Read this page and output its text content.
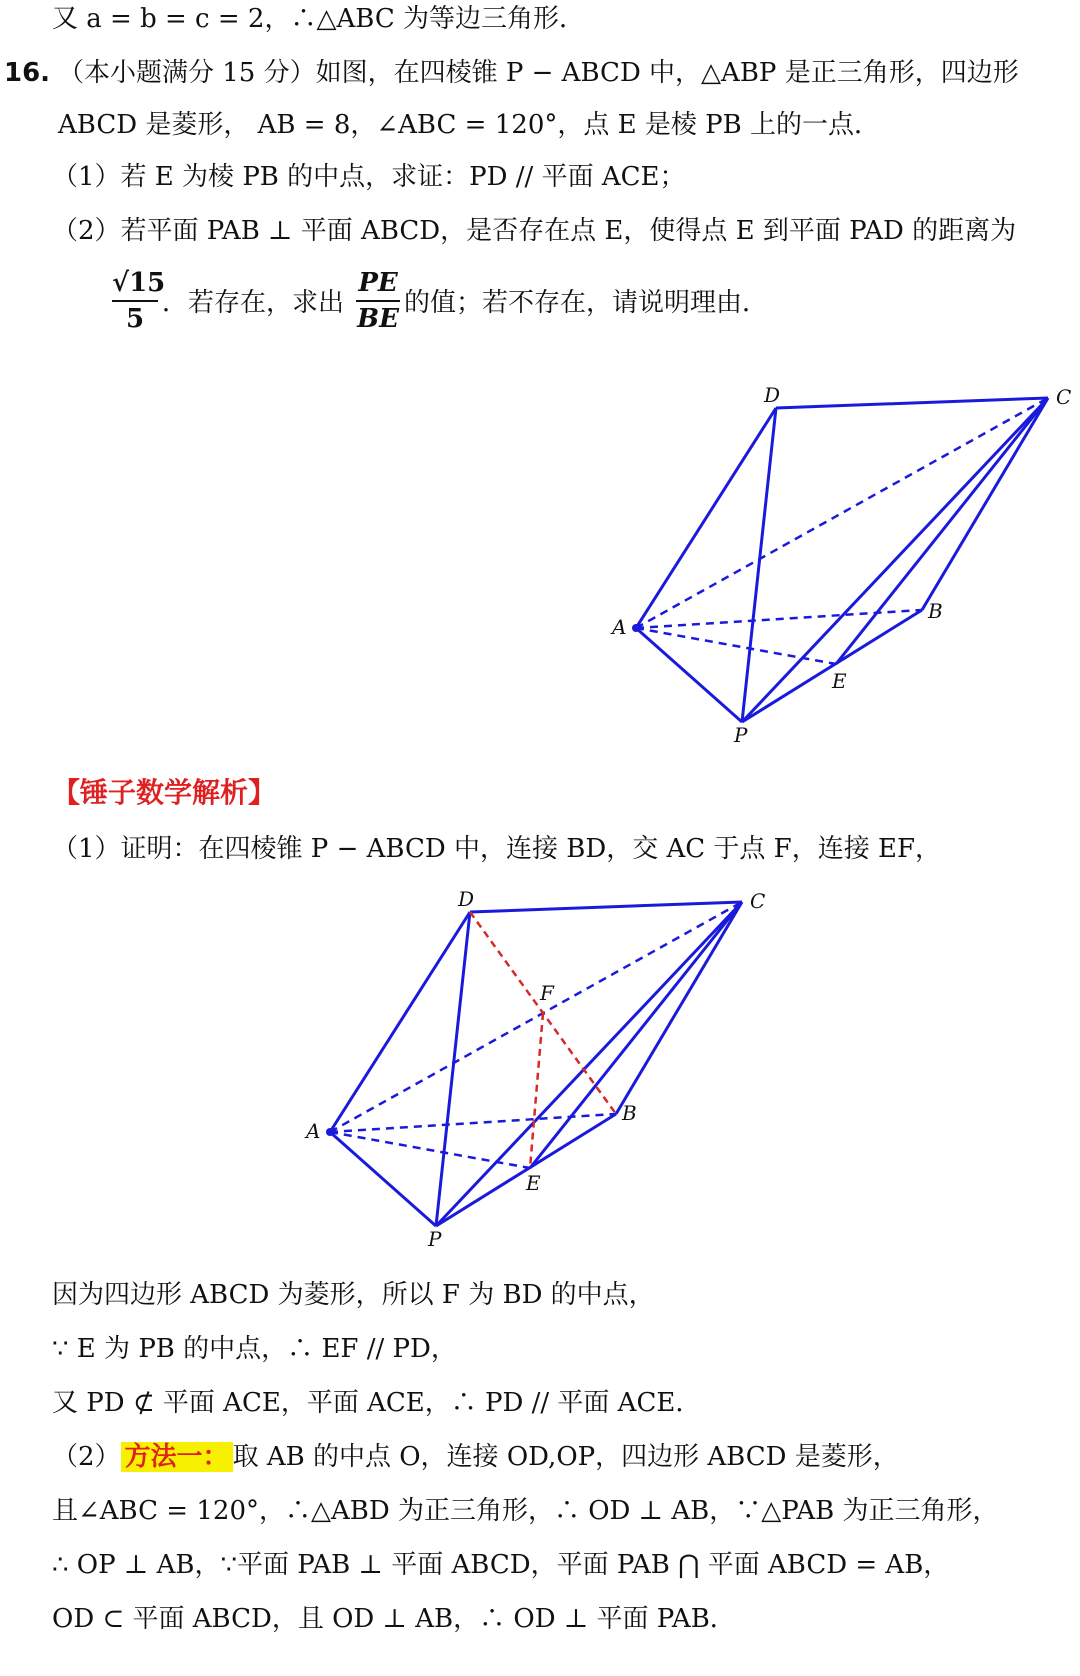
又 a = b = c = 2，∴△ABC 为等边三角形．
16. （本小题满分 15 分）如图，在四棱锥 P − ABCD 中，△ABP 是正三角形，四边形
ABCD 是菱形， AB = 8，∠ABC = 120°，点 E 是棱 PB 上的一点．
（1）若 E 为棱 PB 的中点，求证：PD // 平面 ACE；
（2）若平面 PAB ⊥ 平面 ABCD，是否存在点 E，使得点 E 到平面 PAD 的距离为
√15
5
．若存在，求出
PE
BE
的值；若不存在，请说明理由．
D	C
A
B
E
P
【锤子数学解析】
（1）证明：在四棱锥 P − ABCD 中，连接 BD，交 AC 于点 F，连接 EF，
D	C
A
B
E
P
F
因为四边形 ABCD 为菱形，所以 F 为 BD 的中点，
∵ E 为 PB 的中点，∴ EF // PD，
又 PD ⊄ 平面 ACE，平面 ACE，∴ PD // 平面 ACE．
（2） 方法一： 取 AB 的中点 O，连接 OD,OP，四边形 ABCD 是菱形，
且∠ABC = 120°，∴△ABD 为正三角形，∴ OD ⊥ AB，∵△PAB 为正三角形，
∴ OP ⊥ AB，∵平面 PAB ⊥ 平面 ABCD，平面 PAB ⋂ 平面 ABCD = AB，
OD ⊂ 平面 ABCD，且 OD ⊥ AB，∴ OD ⊥ 平面 PAB．
